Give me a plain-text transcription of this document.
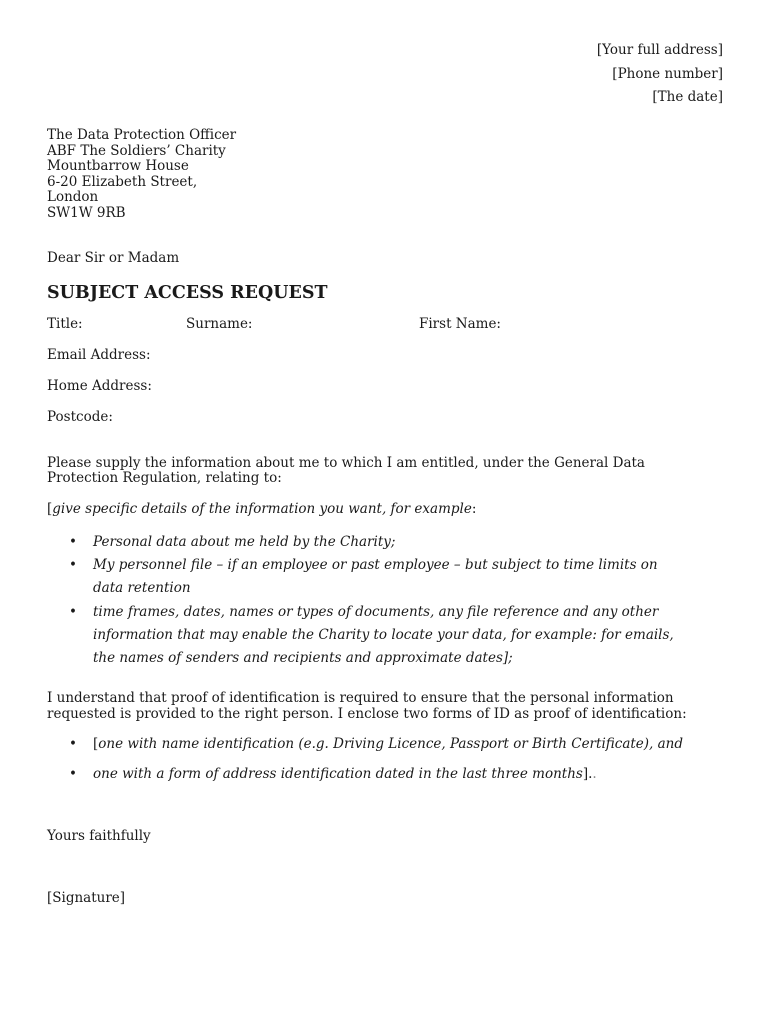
[Your full address]
[Phone number]
[The date]
The Data Protection Officer
ABF The Soldiers’ Charity
Mountbarrow House
6-20 Elizabeth Street,
London
SW1W 9RB
Dear Sir or Madam
SUBJECT ACCESS REQUEST
Title:	Surname:	First Name:
Email Address:
Home Address:
Postcode:
Please supply the information about me to which I am entitled, under the General Data
Protection Regulation, relating to:
[give specific details of the information you want, for example:
• Personal data about me held by the Charity;
• My personnel file – if an employee or past employee – but subject to time limits on
data retention
• time frames, dates, names or types of documents, any file reference and any other
information that may enable the Charity to locate your data, for example: for emails,
the names of senders and recipients and approximate dates];
I understand that proof of identification is required to ensure that the personal information
requested is provided to the right person. I enclose two forms of ID as proof of identification:
• [one with name identification (e.g. Driving Licence, Passport or Birth Certificate), and
• one with a form of address identification dated in the last three months]..
Yours faithfully
[Signature]
